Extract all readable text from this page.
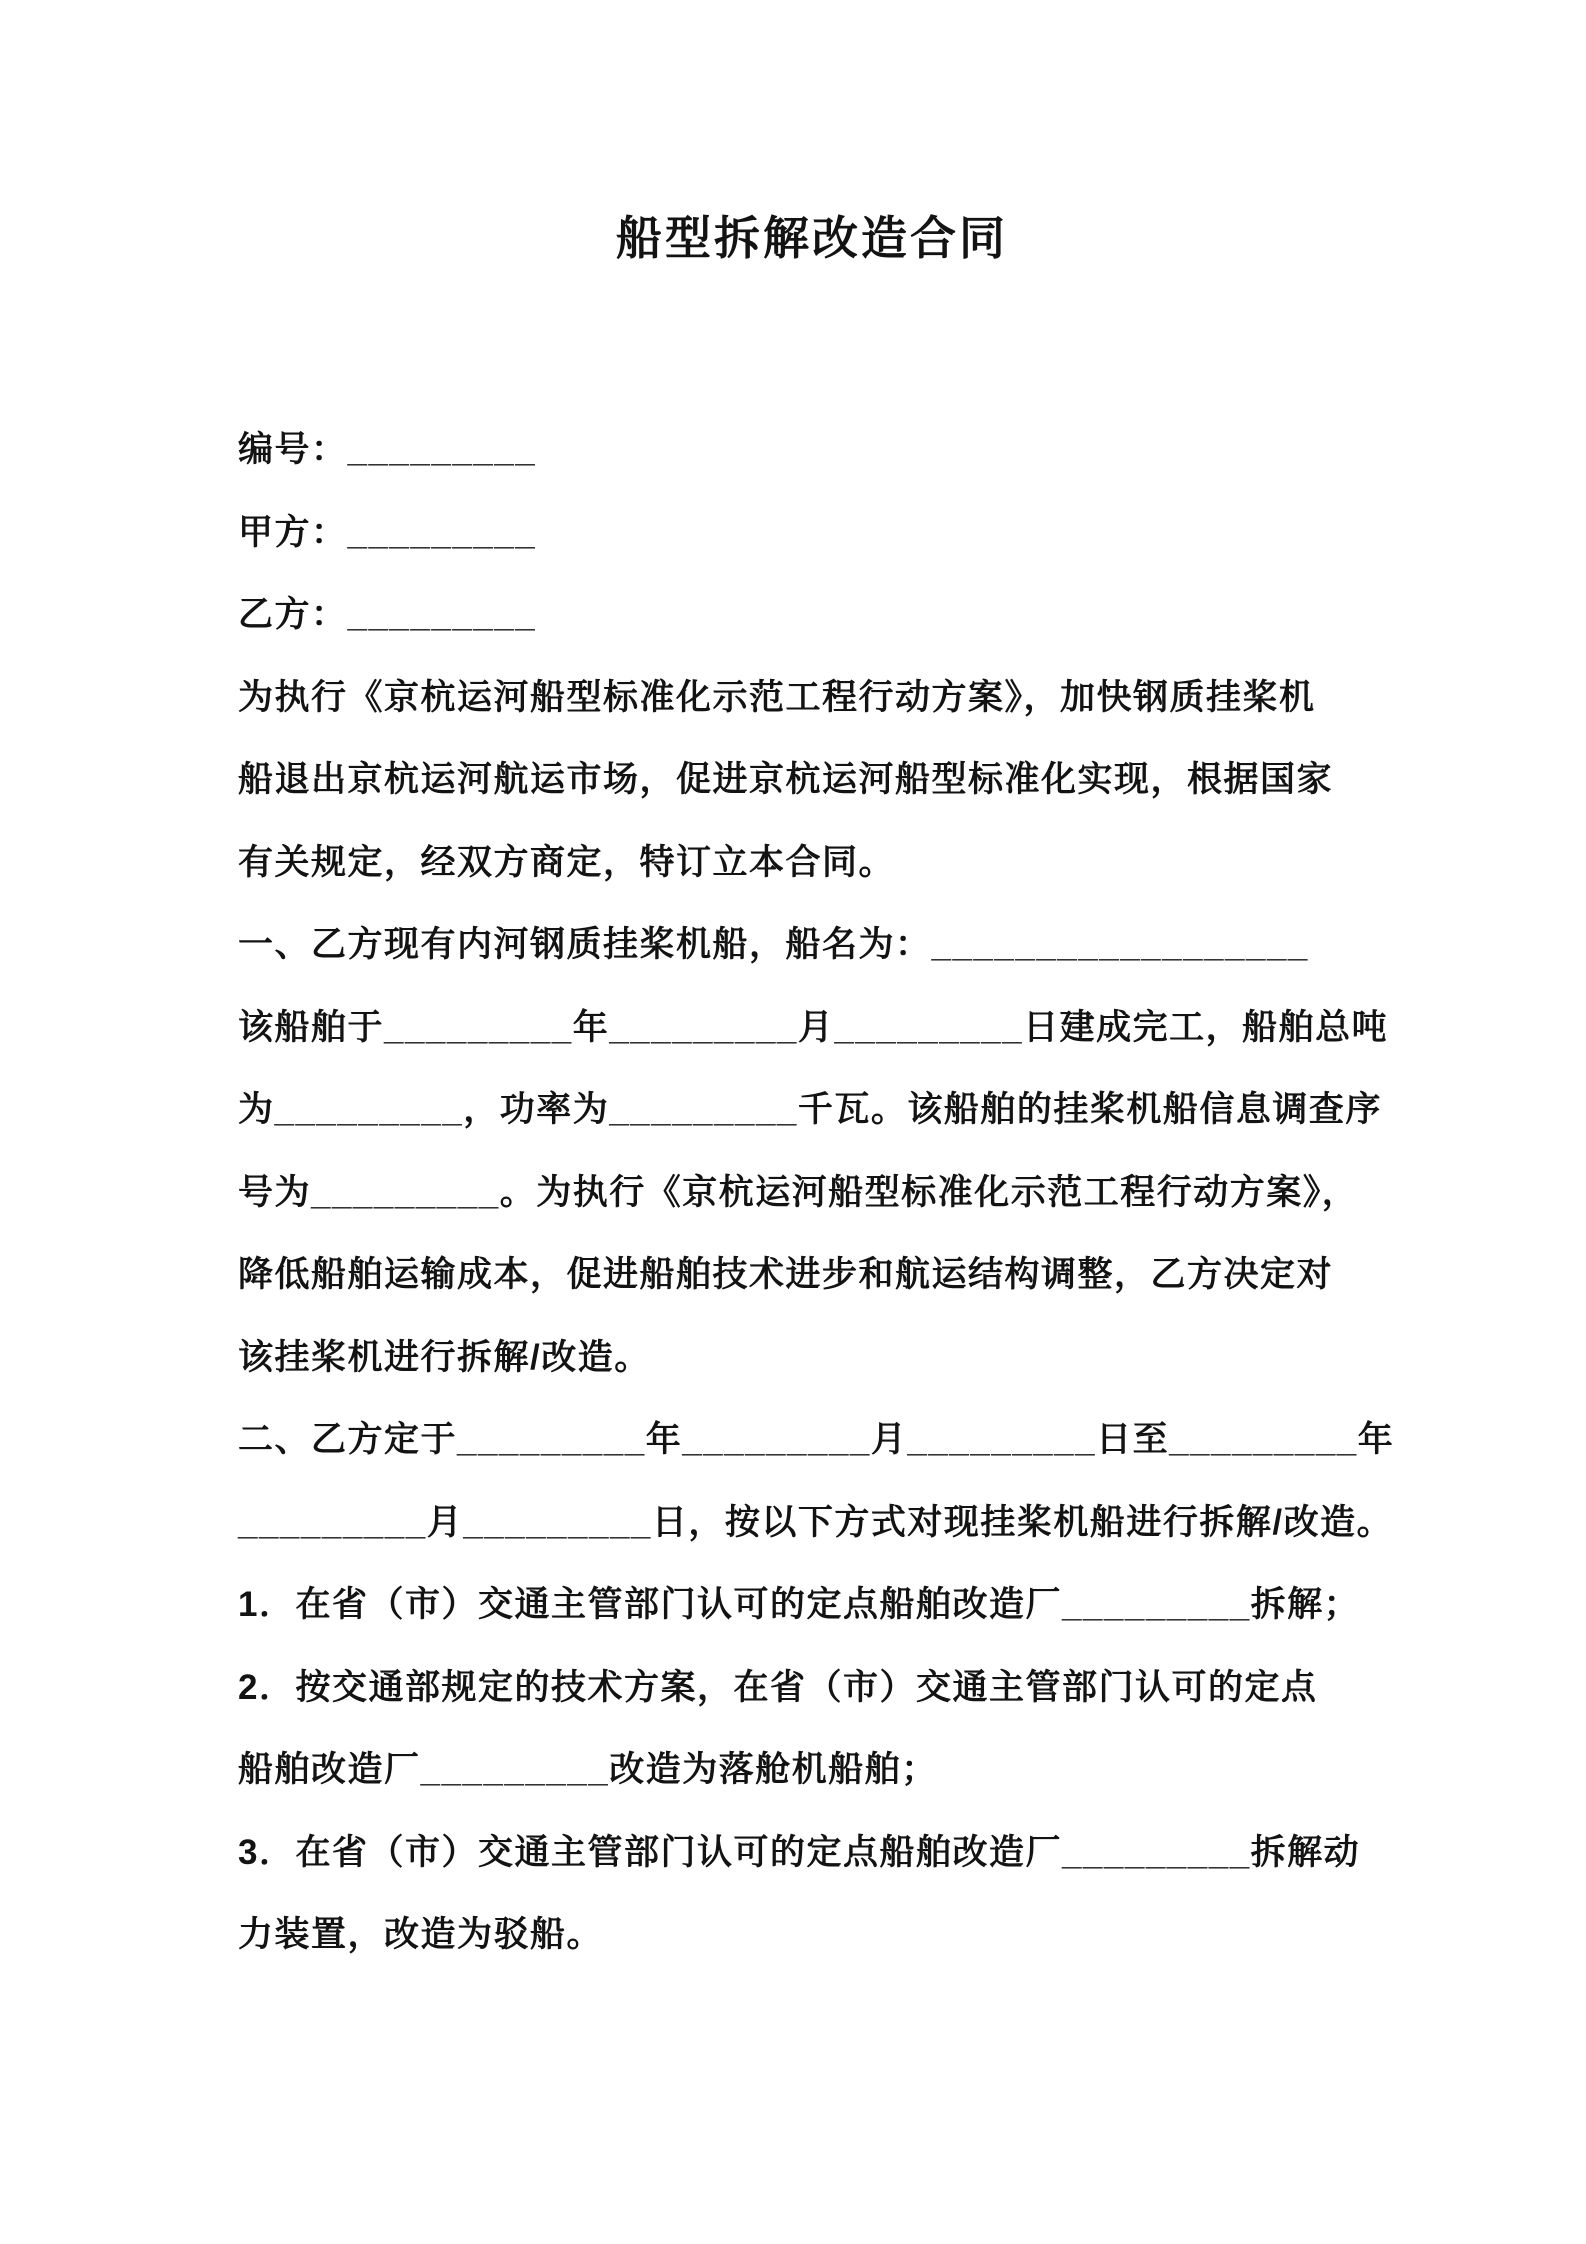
船型拆解改造合同
编号：_________
甲方：_________
乙方：_________
为执行《京杭运河船型标准化示范工程行动方案》，加快钢质挂桨机
船退出京杭运河航运市场，促进京杭运河船型标准化实现，根据国家
有关规定，经双方商定，特订立本合同。
一、乙方现有内河钢质挂桨机船，船名为：__________________
该船舶于_________年_________月_________日建成完工，船舶总吨
为_________，功率为_________千瓦。该船舶的挂桨机船信息调查序
号为_________。为执行《京杭运河船型标准化示范工程行动方案》，
降低船舶运输成本，促进船舶技术进步和航运结构调整，乙方决定对
该挂桨机进行拆解/改造。
二、乙方定于_________年_________月_________日至_________年
_________月_________日，按以下方式对现挂桨机船进行拆解/改造。
1．在省（市）交通主管部门认可的定点船舶改造厂_________拆解；
2．按交通部规定的技术方案，在省（市）交通主管部门认可的定点
船舶改造厂_________改造为落舱机船舶；
3．在省（市）交通主管部门认可的定点船舶改造厂_________拆解动
力装置，改造为驳船。
